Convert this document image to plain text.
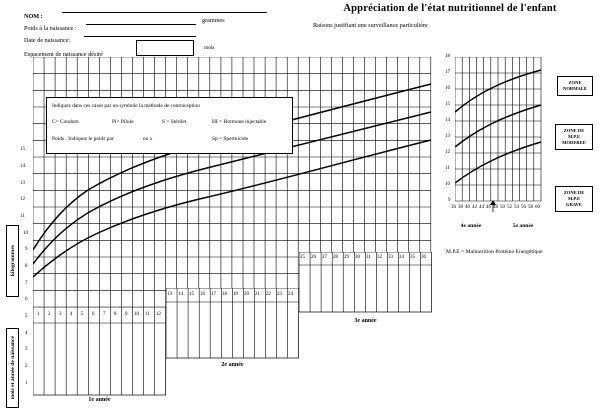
NOM :
Poids à la naissance :
grammes
Date de naissance:
Espacement de naissance désiré
mois
Appréciation de l'état nutritionnel de l'enfant
Raisons justifiant une surveillance particulière
Indiquez dans ces cases par un symbole la méthode de contraception
C= Condom	Pi= Pilule	S = Stérilet	HI = Hormone injectable
Poids : Indiquez le poids par	ou x	Sp = Spermicide
15
14
13
12
11
10
9
8
7
6
5
4
3
2
1
kilogrammes
mois et année de naissance
1 2 3 4 5 6 7 8 9 10 11 12
1e année
13 14 15 16 17 18 19 20 21 22 23 24
2e année
25 26 27 28 29 30 31 32 33 34 35 36
3e année
18
17
16
15
14
13
12
11
10
9
36 38 40 42 44 46 48 50 52 54 56 58 60
ZONE
NORMALE
ZONE DE
M.P.E
MODEREE
ZONE DE
M.P.E
GRAVE
4e année	5e année
M.P.E = Malnutrition Protéino Energétique
